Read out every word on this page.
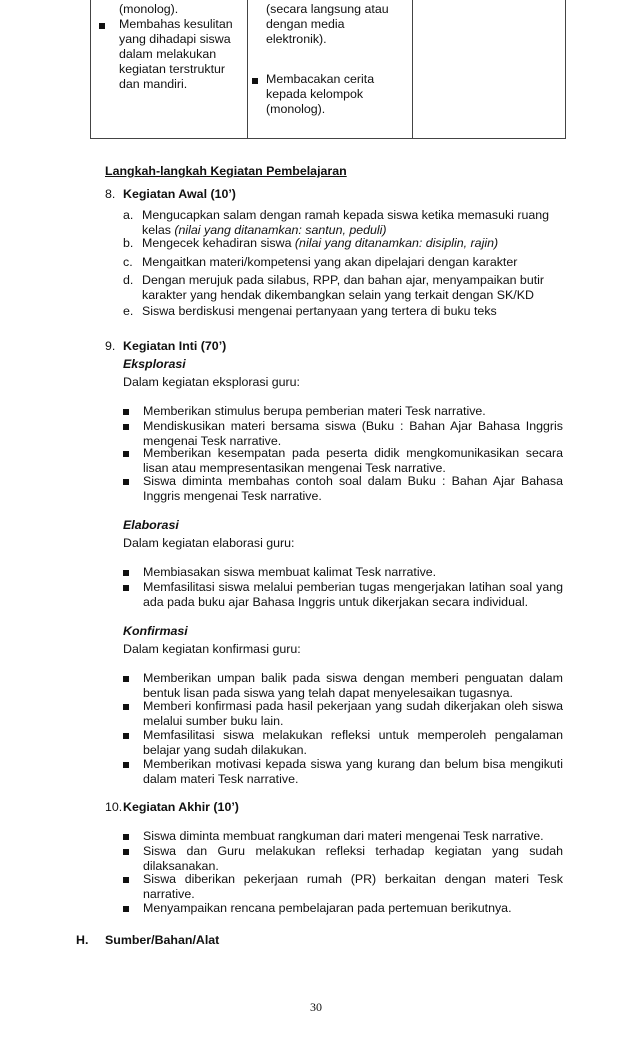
(monolog).
Membahas kesulitan yang dihadapi siswa dalam melakukan kegiatan terstruktur dan mandiri.

(secara langsung atau dengan media elektronik).
Membacakan cerita kepada kelompok (monolog).

Langkah-langkah Kegiatan Pembelajaran
8. Kegiatan Awal (10’)
a. Mengucapkan salam dengan ramah kepada siswa ketika memasuki ruang kelas (nilai yang ditanamkan: santun, peduli)
b. Mengecek kehadiran siswa (nilai yang ditanamkan: disiplin, rajin)
c. Mengaitkan materi/kompetensi yang akan dipelajari dengan karakter
d. Dengan merujuk pada silabus, RPP, dan bahan ajar, menyampaikan butir karakter yang hendak dikembangkan selain yang terkait dengan SK/KD
e. Siswa berdiskusi mengenai pertanyaan yang tertera di buku teks
9. Kegiatan Inti (70’)
Eksplorasi
Dalam kegiatan eksplorasi guru:
Memberikan stimulus berupa pemberian materi Tesk narrative.
Mendiskusikan materi bersama siswa (Buku : Bahan Ajar Bahasa Inggris mengenai Tesk narrative.
Memberikan kesempatan pada peserta didik mengkomunikasikan secara lisan atau mempresentasikan mengenai Tesk narrative.
Siswa diminta membahas contoh soal dalam Buku : Bahan Ajar Bahasa Inggris mengenai Tesk narrative.
Elaborasi
Dalam kegiatan elaborasi guru:
Membiasakan siswa membuat kalimat Tesk narrative.
Memfasilitasi siswa melalui pemberian tugas mengerjakan latihan soal yang ada pada buku ajar Bahasa Inggris untuk dikerjakan secara individual.
Konfirmasi
Dalam kegiatan konfirmasi guru:
Memberikan umpan balik pada siswa dengan memberi penguatan dalam bentuk lisan pada siswa yang telah dapat menyelesaikan tugasnya.
Memberi konfirmasi pada hasil pekerjaan yang sudah dikerjakan oleh siswa melalui sumber buku lain.
Memfasilitasi siswa melakukan refleksi untuk memperoleh pengalaman belajar yang sudah dilakukan.
Memberikan motivasi kepada siswa yang kurang dan belum bisa mengikuti dalam materi Tesk narrative.
10. Kegiatan Akhir (10’)
Siswa diminta membuat rangkuman dari materi mengenai Tesk narrative.
Siswa dan Guru melakukan refleksi terhadap kegiatan yang sudah dilaksanakan.
Siswa diberikan pekerjaan rumah (PR) berkaitan dengan materi Tesk narrative.
Menyampaikan rencana pembelajaran pada pertemuan berikutnya.
H. Sumber/Bahan/Alat
30
